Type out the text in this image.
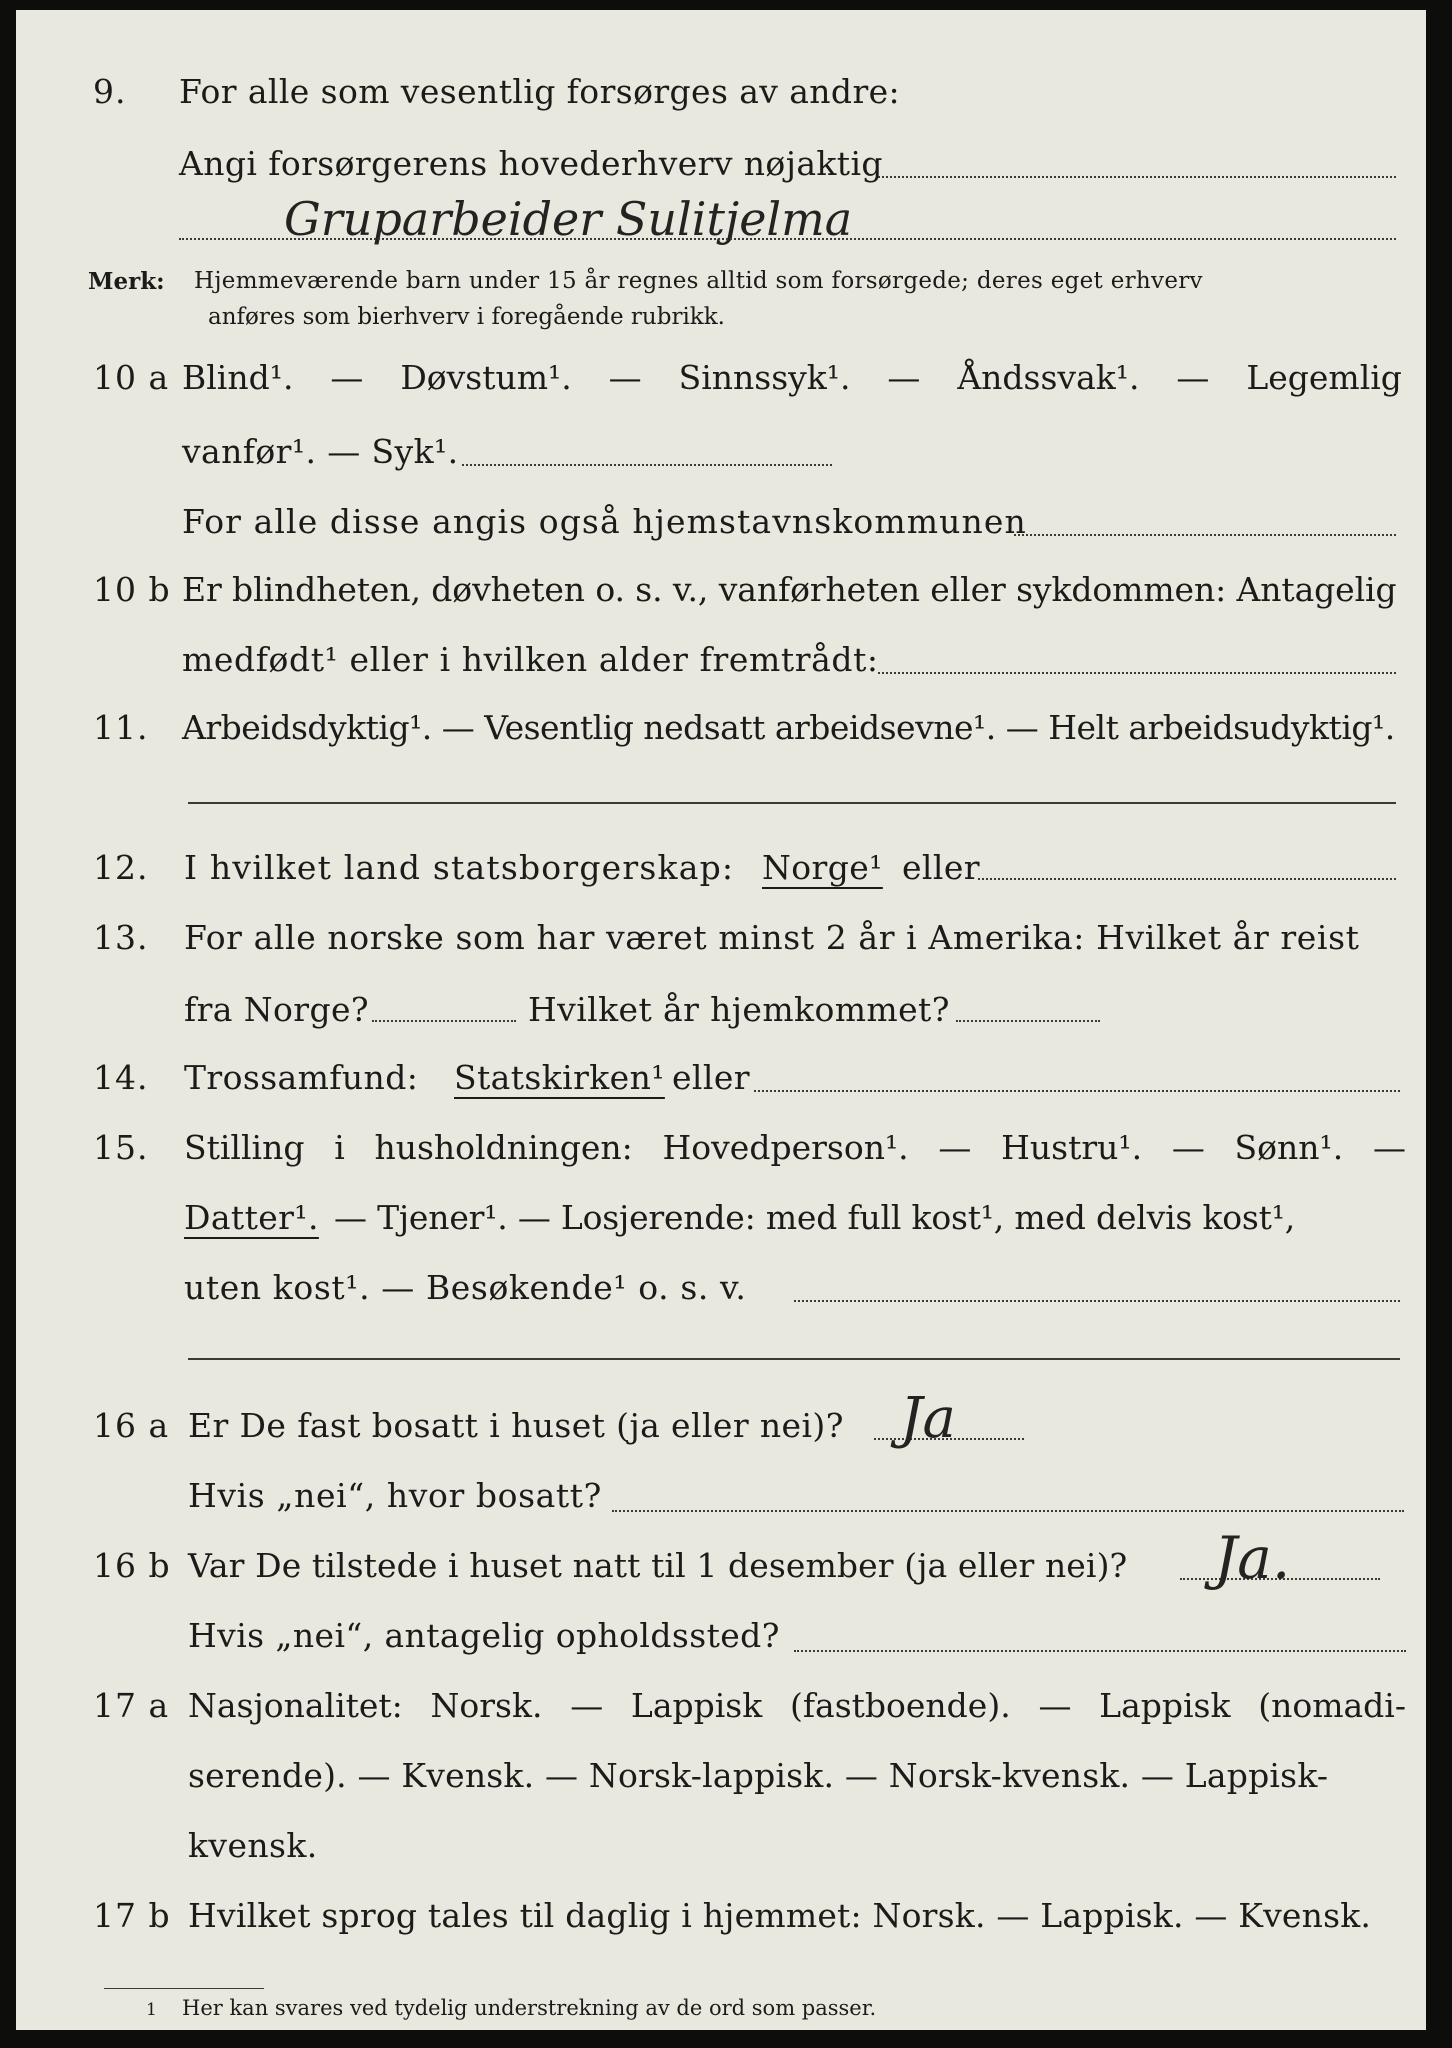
9. For alle som vesentlig forsørges av andre:
Angi forsørgerens hovederhverv nøjaktig
Gruparbeider Sulitjelma
Merk: Hjemmeværende barn under 15 år regnes alltid som forsørgede; deres eget erhverv
anføres som bierhverv i foregående rubrikk.
10 a Blind¹. — Døvstum¹. — Sinnssyk¹. — Åndssvak¹. — Legemlig
vanfør¹. — Syk¹.
For alle disse angis også hjemstavnskommunen
10 b Er blindheten, døvheten o. s. v., vanførheten eller sykdommen: Antagelig
medfødt¹ eller i hvilken alder fremtrådt:
11. Arbeidsdyktig¹. — Vesentlig nedsatt arbeidsevne¹. — Helt arbeidsudyktig¹.
12. I hvilket land statsborgerskap: Norge¹ eller
13. For alle norske som har været minst 2 år i Amerika: Hvilket år reist
fra Norge?	Hvilket år hjemkommet?
14. Trossamfund: Statskirken¹ eller
15. Stilling i husholdningen: Hovedperson¹. — Hustru¹. — Sønn¹. —
Datter¹. — Tjener¹. — Losjerende: med full kost¹, med delvis kost¹,
uten kost¹. — Besøkende¹ o. s. v.
16 a Er De fast bosatt i huset (ja eller nei)? Ja
Hvis „nei“, hvor bosatt?
16 b Var De tilstede i huset natt til 1 desember (ja eller nei)? Ja.
Hvis „nei“, antagelig opholdssted?
17 a Nasjonalitet: Norsk. — Lappisk (fastboende). — Lappisk (nomadi-
serende). — Kvensk. — Norsk-lappisk. — Norsk-kvensk. — Lappisk-
kvensk.
17 b Hvilket sprog tales til daglig i hjemmet: Norsk. — Lappisk. — Kvensk.
1 Her kan svares ved tydelig understrekning av de ord som passer.
